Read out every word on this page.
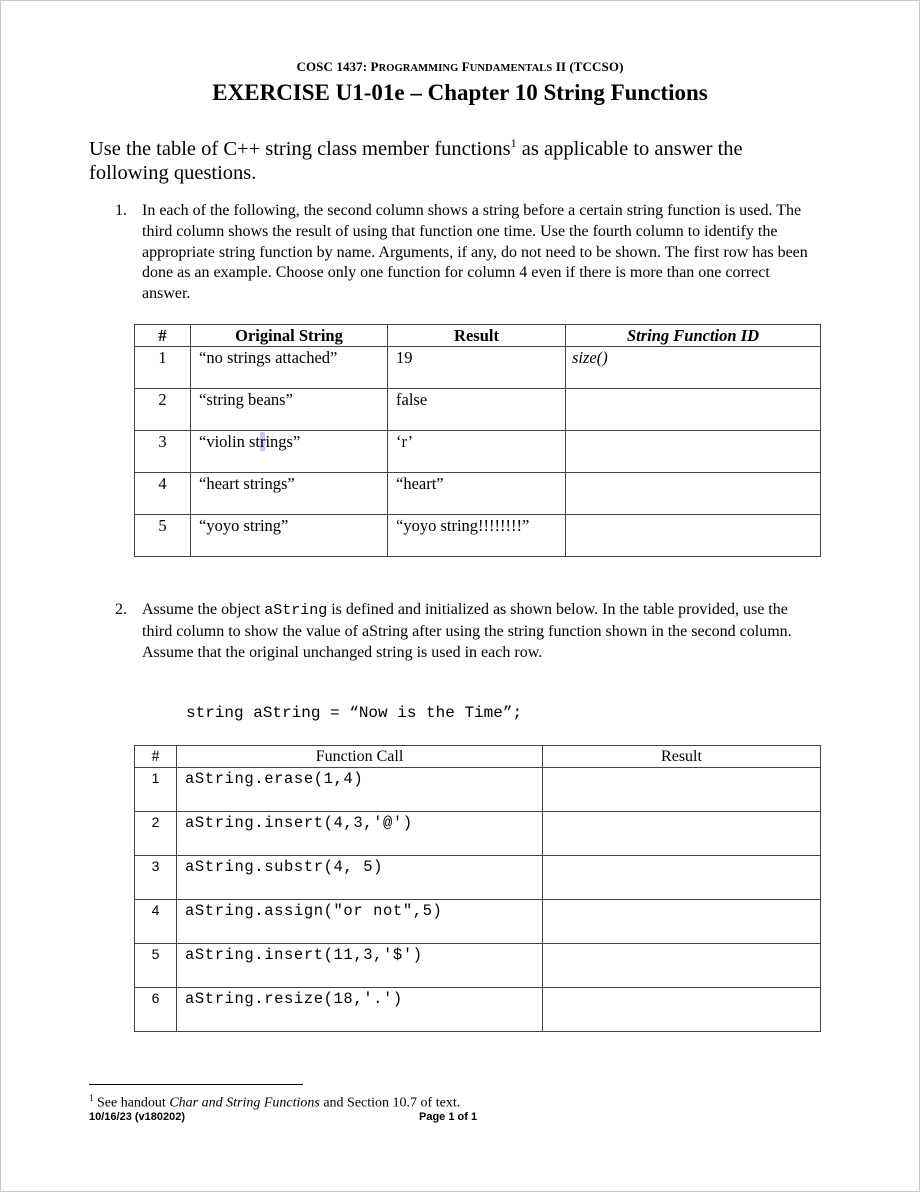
COSC 1437: PROGRAMMING FUNDAMENTALS II (TCCSO)
EXERCISE U1-01e – Chapter 10 String Functions
Use the table of C++ string class member functions$^1$ as applicable to answer the following questions.
1. In each of the following, the second column shows a string before a certain string function is used. The third column shows the result of using that function one time. Use the fourth column to identify the appropriate string function by name. Arguments, if any, do not need to be shown. The first row has been done as an example. Choose only one function for column 4 even if there is more than one correct answer.
#	Original String	Result	String Function ID
1	“no strings attached”	19	size()
2	“string beans”	false	
3	“violin strings”	‘r’	
4	“heart strings”	“heart”	
5	“yoyo string”	“yoyo string!!!!!!!!”	
2. Assume the object aString is defined and initialized as shown below. In the table provided, use the third column to show the value of aString after using the string function shown in the second column. Assume that the original unchanged string is used in each row.
string aString = “Now is the Time”;
#	Function Call	Result
1	aString.erase(1,4)	
2	aString.insert(4,3,'@')	
3	aString.substr(4, 5)	
4	aString.assign("or not",5)	
5	aString.insert(11,3,'$')	
6	aString.resize(18,'.')	
$^1$ See handout Char and String Functions and Section 10.7 of text.
10/16/23 (v180202)	Page 1 of 1
